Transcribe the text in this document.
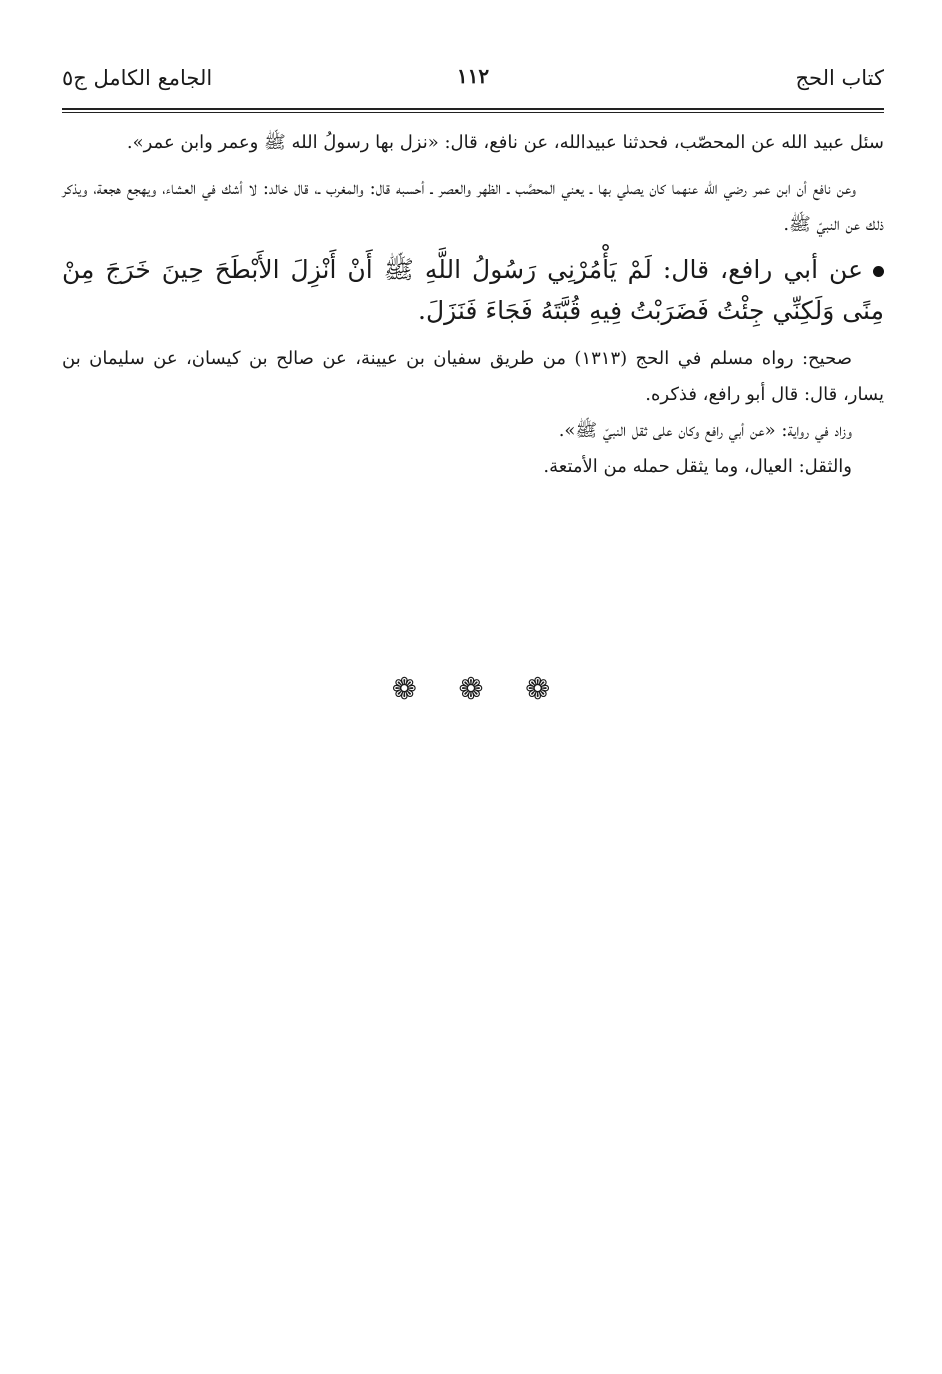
كتاب الحج
١١٢
الجامع الكامل ج٥

سئل عبيد الله عن المحصّب، فحدثنا عبيدالله، عن نافع، قال: «نزل بها رسولُ الله ﷺ وعمر وابن عمر».

وعن نافع أن ابن عمر رضي الله عنهما كان يصلي بها ـ يعني المحصَّب ـ الظهر والعصر ـ أحسبه قال: والمغرب ـ، قال خالد: لا أشك في العشاء، ويهجع هجعة، ويذكر ذلك عن النبيّ ﷺ.

عن أبي رافع، قال: لَمْ يَأْمُرْنِي رَسُولُ اللَّهِ ﷺ أَنْ أَنْزِلَ الأَبْطَحَ حِينَ خَرَجَ مِنْ مِنًى وَلَكِنِّي جِئْتُ فَضَرَبْتُ فِيهِ قُبَّتَهُ فَجَاءَ فَنَزَلَ.

صحيح: رواه مسلم في الحج (١٣١٣) من طريق سفيان بن عيينة، عن صالح بن كيسان، عن سليمان بن يسار، قال: قال أبو رافع، فذكره.

وزاد في رواية: «عن أبي رافع وكان على ثقل النبيّ ﷺ».

والثقل: العيال، وما يثقل حمله من الأمتعة.

❁ ❁ ❁
